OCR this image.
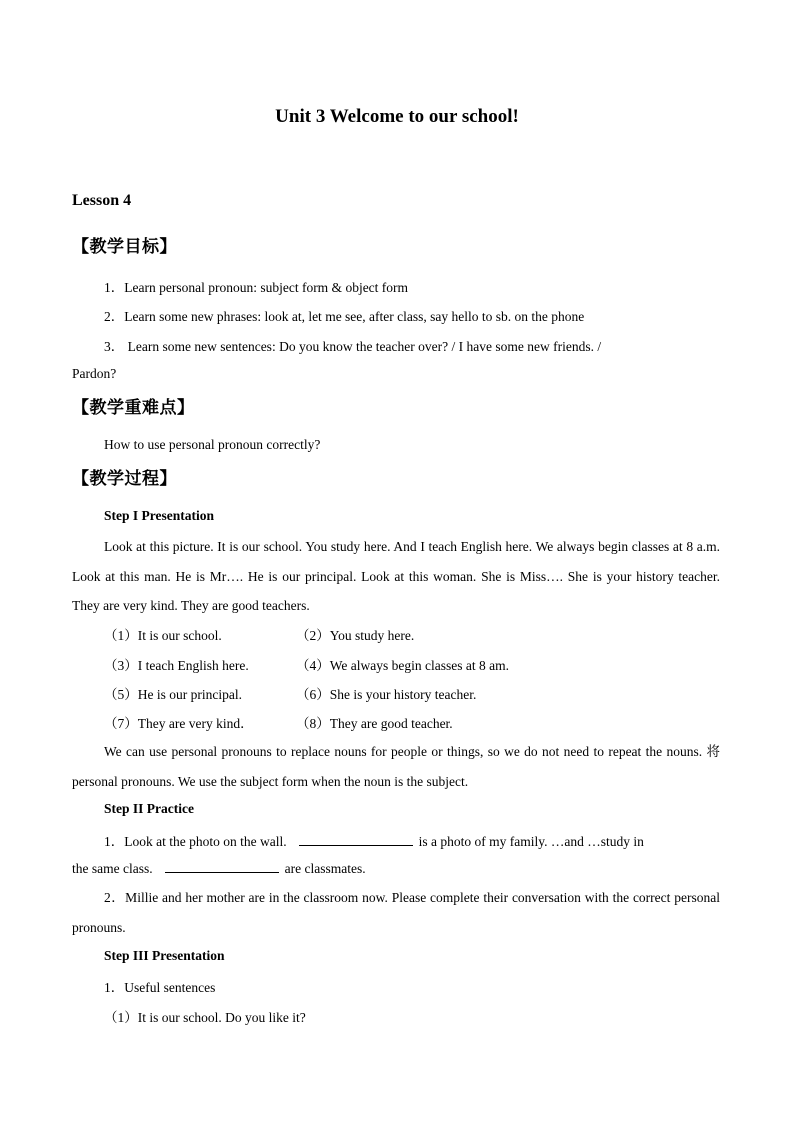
Unit 3 Welcome to our school!
Lesson 4
【教学目标】
1．Learn personal pronoun: subject form & object form
2．Learn some new phrases: look at, let me see, after class, say hello to sb. on the phone
3． Learn some new sentences: Do you know the teacher over? / I have some new friends. /
Pardon?
【教学重难点】
How to use personal pronoun correctly?
【教学过程】
Step I Presentation
Look at this picture. It is our school. You study here. And I teach English here. We always begin classes at 8 a.m. Look at this man. He is Mr…. He is our principal. Look at this woman. She is Miss…. She is your history teacher. They are very kind. They are good teachers.
（1）It is our school.	（2）You study here.
（3）I teach English here.	（4）We always begin classes at 8 am.
（5）He is our principal.	（6）She is your history teacher.
（7）They are very kind．	（8）They are good teacher.
We can use personal pronouns to replace nouns for people or things, so we do not need to repeat the nouns. 将 personal pronouns. We use the subject form when the noun is the subject.
Step II Practice
1．Look at the photo on the wall.	is a photo of my family. …and …study in
the same class.	are classmates.
2．Millie and her mother are in the classroom now. Please complete their conversation with the correct personal pronouns.
Step III Presentation
1．Useful sentences
（1）It is our school. Do you like it?
